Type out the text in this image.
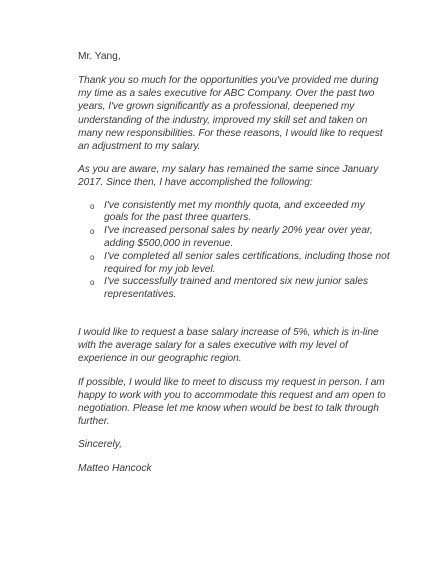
Mr. Yang,

Thank you so much for the opportunities you've provided me during
my time as a sales executive for ABC Company. Over the past two
years, I've grown significantly as a professional, deepened my
understanding of the industry, improved my skill set and taken on
many new responsibilities. For these reasons, I would like to request
an adjustment to my salary.

As you are aware, my salary has remained the same since January
2017. Since then, I have accomplished the following:

o I've consistently met my monthly quota, and exceeded my
goals for the past three quarters.
o I've increased personal sales by nearly 20% year over year,
adding $500,000 in revenue.
o I've completed all senior sales certifications, including those not
required for my job level.
o I've successfully trained and mentored six new junior sales
representatives.

I would like to request a base salary increase of 5%, which is in-line
with the average salary for a sales executive with my level of
experience in our geographic region.

If possible, I would like to meet to discuss my request in person. I am
happy to work with you to accommodate this request and am open to
negotiation. Please let me know when would be best to talk through
further.

Sincerely,

Matteo Hancock
